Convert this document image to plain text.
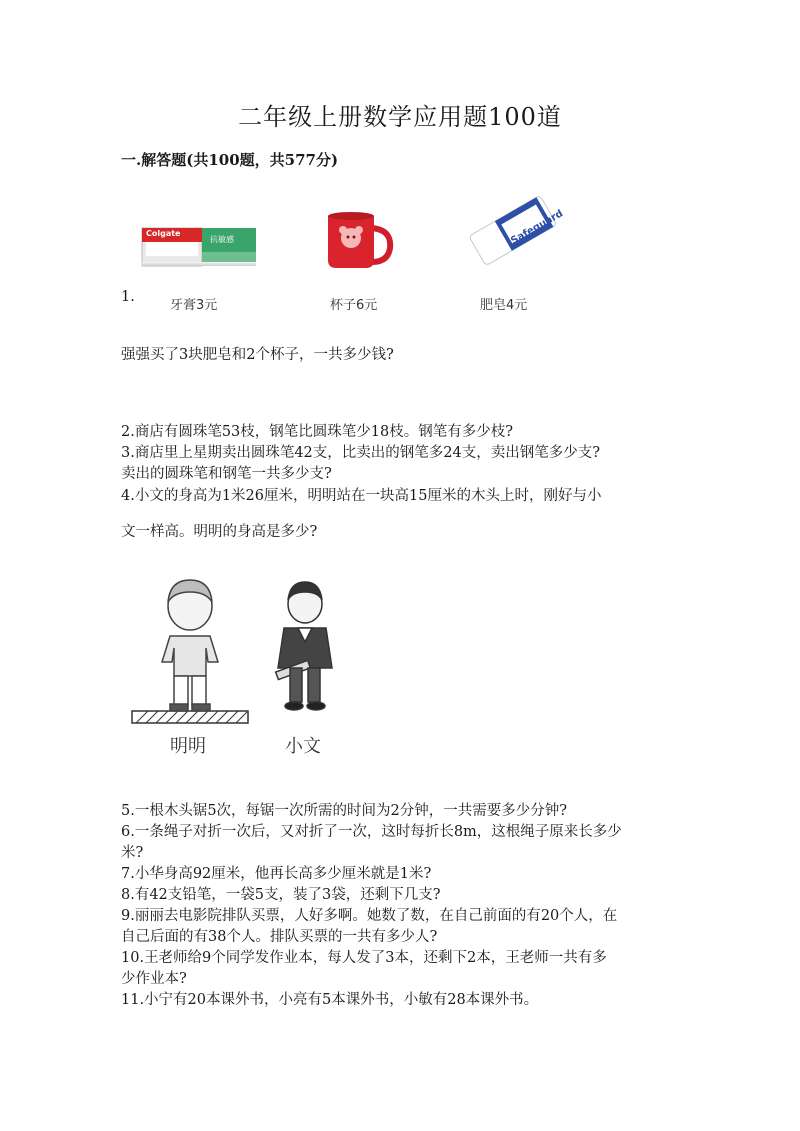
二年级上册数学应用题100道
一.解答题(共100题，共577分)
1.
Colgate
抗敏感	Safeguard
牙膏3元	杯子6元	肥皂4元
强强买了3块肥皂和2个杯子，一共多少钱?
2.商店有圆珠笔53枝，钢笔比圆珠笔少18枝。钢笔有多少枝?
3.商店里上星期卖出圆珠笔42支，比卖出的钢笔多24支，卖出钢笔多少支?
卖出的圆珠笔和钢笔一共多少支?
4.小文的身高为1米26厘米，明明站在一块高15厘米的木头上时，刚好与小
文一样高。明明的身高是多少?
明明	小文
5.一根木头锯5次，每锯一次所需的时间为2分钟，一共需要多少分钟?
6.一条绳子对折一次后，又对折了一次，这时每折长8m，这根绳子原来长多少
米?
7.小华身高92厘米，他再长高多少厘米就是1米?
8.有42支铅笔，一袋5支，装了3袋，还剩下几支?
9.丽丽去电影院排队买票，人好多啊。她数了数，在自己前面的有20个人，在
自己后面的有38个人。排队买票的一共有多少人?
10.王老师给9个同学发作业本，每人发了3本，还剩下2本，王老师一共有多
少作业本?
11.小宁有20本课外书，小亮有5本课外书，小敏有28本课外书。
